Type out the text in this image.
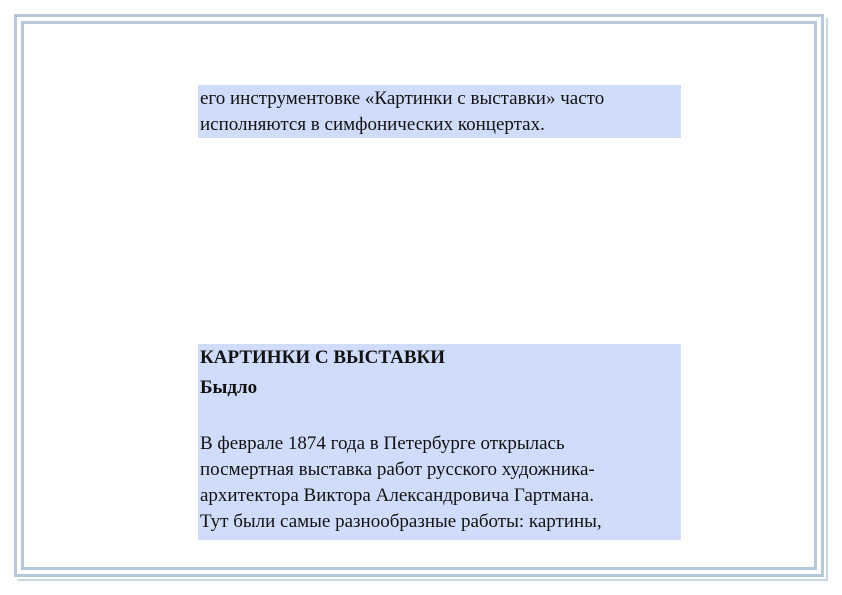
его инструментовке «Картинки с выставки» часто
исполняются в симфонических концертах.
КАРТИНКИ С ВЫСТАВКИ
Быдло
В феврале 1874 года в Петербурге открылась
посмертная выставка работ русского художника-
архитектора Виктора Александровича Гартмана.
Тут были самые разнообразные работы: картины,
